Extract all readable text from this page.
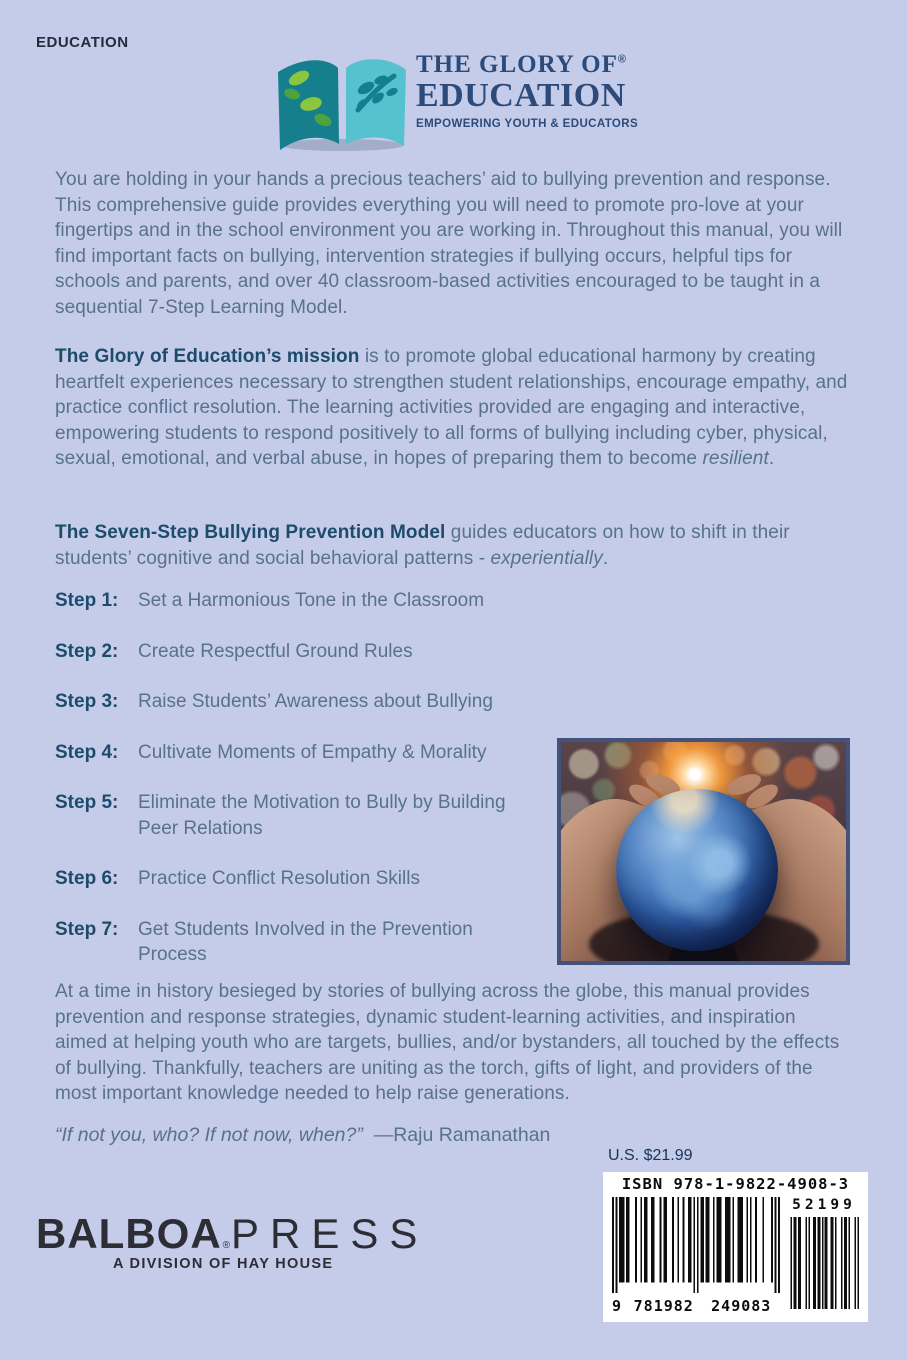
EDUCATION
THE GLORY OF®
EDUCATION
EMPOWERING YOUTH & EDUCATORS
You are holding in your hands a precious teachers’ aid to bullying prevention and response. This comprehensive guide provides everything you will need to promote pro-love at your fingertips and in the school environment you are working in. Throughout this manual, you will find important facts on bullying, intervention strategies if bullying occurs, helpful tips for schools and parents, and over 40 classroom-based activities encouraged to be taught in a sequential 7-Step Learning Model.
The Glory of Education’s mission is to promote global educational harmony by creating heartfelt experiences necessary to strengthen student relationships, encourage empathy, and practice conflict resolution. The learning activities provided are engaging and interactive, empowering students to respond positively to all forms of bullying including cyber, physical, sexual, emotional, and verbal abuse, in hopes of preparing them to become resilient.
The Seven-Step Bullying Prevention Model guides educators on how to shift in their students’ cognitive and social behavioral patterns - experientially.
Step 1:	Set a Harmonious Tone in the Classroom
Step 2:	Create Respectful Ground Rules
Step 3:	Raise Students’ Awareness about Bullying
Step 4:	Cultivate Moments of Empathy & Morality
Step 5:	Eliminate the Motivation to Bully by Building Peer Relations
Step 6:	Practice Conflict Resolution Skills
Step 7:	Get Students Involved in the Prevention Process
At a time in history besieged by stories of bullying across the globe, this manual provides prevention and response strategies, dynamic student-learning activities, and inspiration aimed at helping youth who are targets, bullies, and/or bystanders, all touched by the effects of bullying. Thankfully, teachers are uniting as the torch, gifts of light, and providers of the most important knowledge needed to help raise generations.
“If not you, who? If not now, when?” —Raju Ramanathan
U.S. $21.99
ISBN 978-1-9822-4908-3
9 781982	249083
52199
BALBOA ® PRESS
A DIVISION OF HAY HOUSE
